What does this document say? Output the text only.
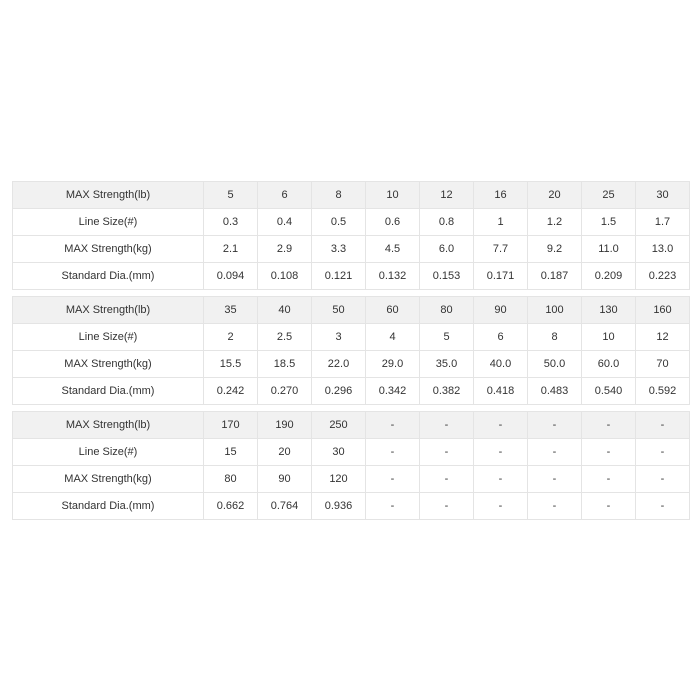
MAX Strength(lb)	5	6	8	10	12	16	20	25	30
Line Size(#)	0.3	0.4	0.5	0.6	0.8	1	1.2	1.5	1.7
MAX Strength(kg)	2.1	2.9	3.3	4.5	6.0	7.7	9.2	11.0	13.0
Standard Dia.(mm)	0.094	0.108	0.121	0.132	0.153	0.171	0.187	0.209	0.223
MAX Strength(lb)	35	40	50	60	80	90	100	130	160
Line Size(#)	2	2.5	3	4	5	6	8	10	12
MAX Strength(kg)	15.5	18.5	22.0	29.0	35.0	40.0	50.0	60.0	70
Standard Dia.(mm)	0.242	0.270	0.296	0.342	0.382	0.418	0.483	0.540	0.592
MAX Strength(lb)	170	190	250	-	-	-	-	-	-
Line Size(#)	15	20	30	-	-	-	-	-	-
MAX Strength(kg)	80	90	120	-	-	-	-	-	-
Standard Dia.(mm)	0.662	0.764	0.936	-	-	-	-	-	-
